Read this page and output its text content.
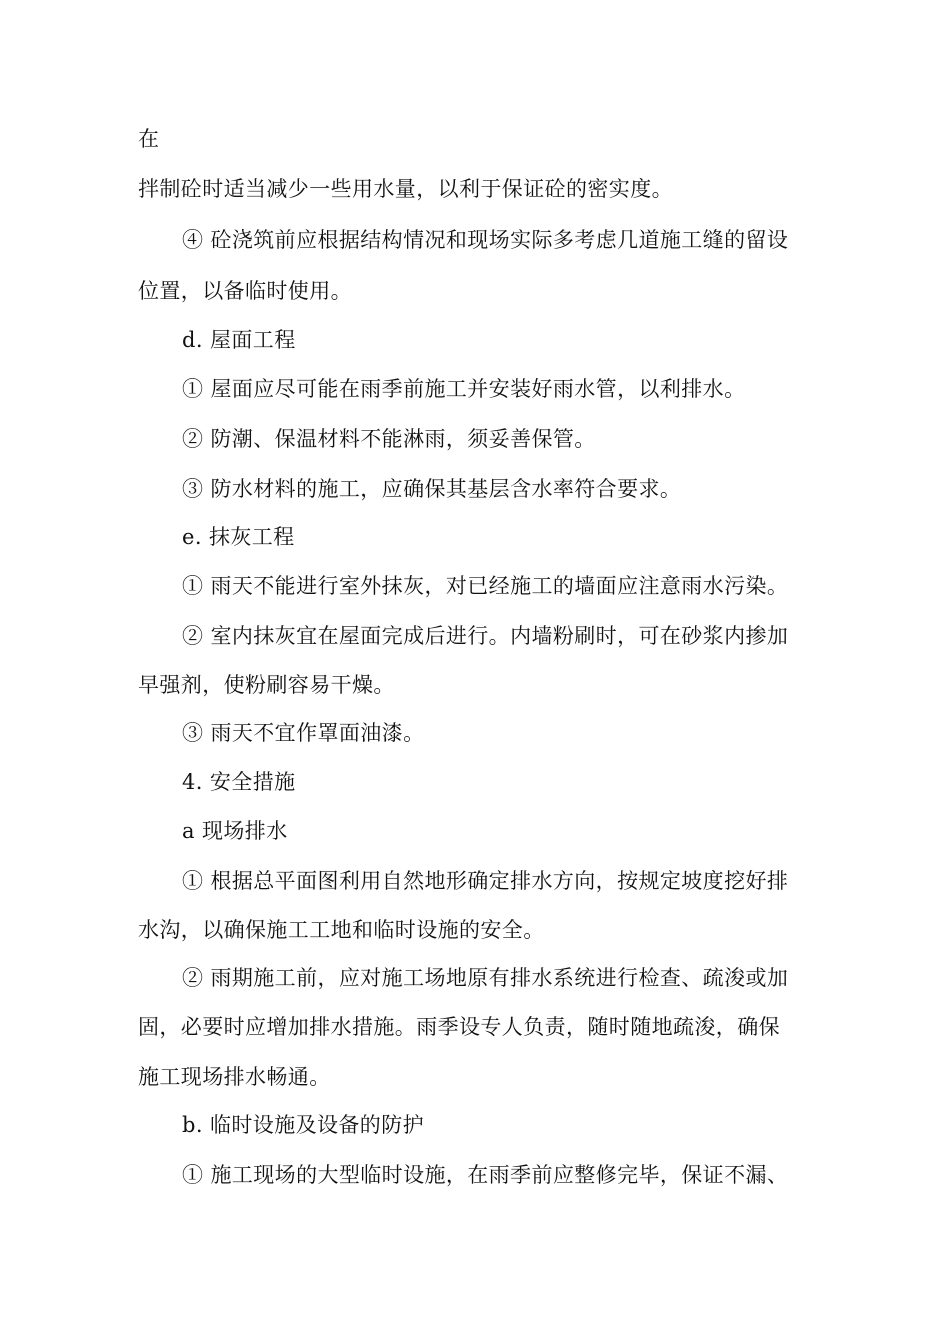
在
拌制砼时适当减少一些用水量，以利于保证砼的密实度。
④ 砼浇筑前应根据结构情况和现场实际多考虑几道施工缝的留设
位置，以备临时使用。
d. 屋面工程
① 屋面应尽可能在雨季前施工并安装好雨水管，以利排水。
② 防潮、保温材料不能淋雨，须妥善保管。
③ 防水材料的施工，应确保其基层含水率符合要求。
e. 抹灰工程
① 雨天不能进行室外抹灰，对已经施工的墙面应注意雨水污染。
② 室内抹灰宜在屋面完成后进行。内墙粉刷时，可在砂浆内掺加
早强剂，使粉刷容易干燥。
③ 雨天不宜作罩面油漆。
4. 安全措施
a 现场排水
① 根据总平面图利用自然地形确定排水方向，按规定坡度挖好排
水沟，以确保施工工地和临时设施的安全。
② 雨期施工前，应对施工场地原有排水系统进行检查、疏浚或加
固，必要时应增加排水措施。雨季设专人负责，随时随地疏浚，确保
施工现场排水畅通。
b. 临时设施及设备的防护
① 施工现场的大型临时设施，在雨季前应整修完毕，保证不漏、
